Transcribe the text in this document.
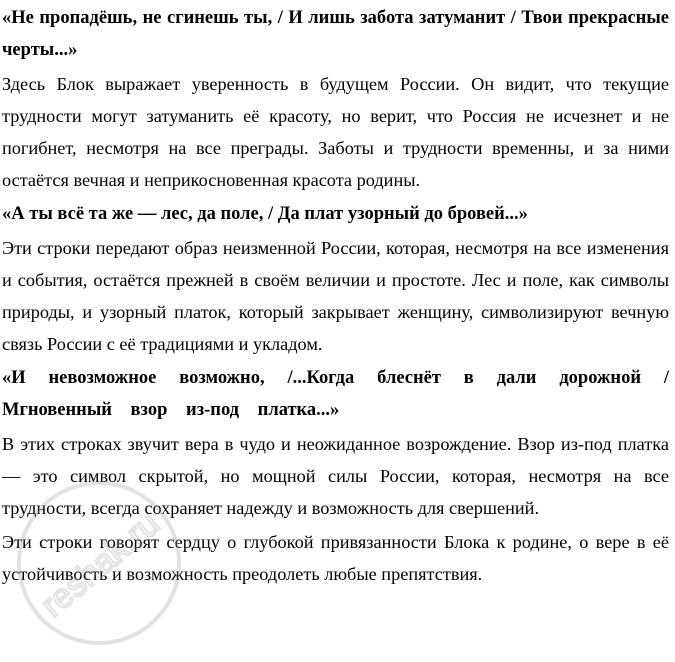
«Не пропадёшь, не сгинешь ты, / И лишь забота затуманит / Твои прекрасные черты...»

Здесь Блок выражает уверенность в будущем России. Он видит, что текущие трудности могут затуманить её красоту, но верит, что Россия не исчезнет и не погибнет, несмотря на все преграды. Заботы и трудности временны, и за ними остаётся вечная и неприкосновенная красота родины.

«А ты всё та же — лес, да поле, / Да плат узорный до бровей...»

Эти строки передают образ неизменной России, которая, несмотря на все изменения и события, остаётся прежней в своём величии и простоте. Лес и поле, как символы природы, и узорный платок, который закрывает женщину, символизируют вечную связь России с её традициями и укладом.

«И невозможное возможно, /...Когда блеснёт в дали дорожной / Мгновенный взор из-под платка...»

В этих строках звучит вера в чудо и неожиданное возрождение. Взор из-под платка — это символ скрытой, но мощной силы России, которая, несмотря на все трудности, всегда сохраняет надежду и возможность для свершений.

Эти строки говорят сердцу о глубокой привязанности Блока к родине, о вере в её устойчивость и возможность преодолеть любые препятствия.

reshak.ru
